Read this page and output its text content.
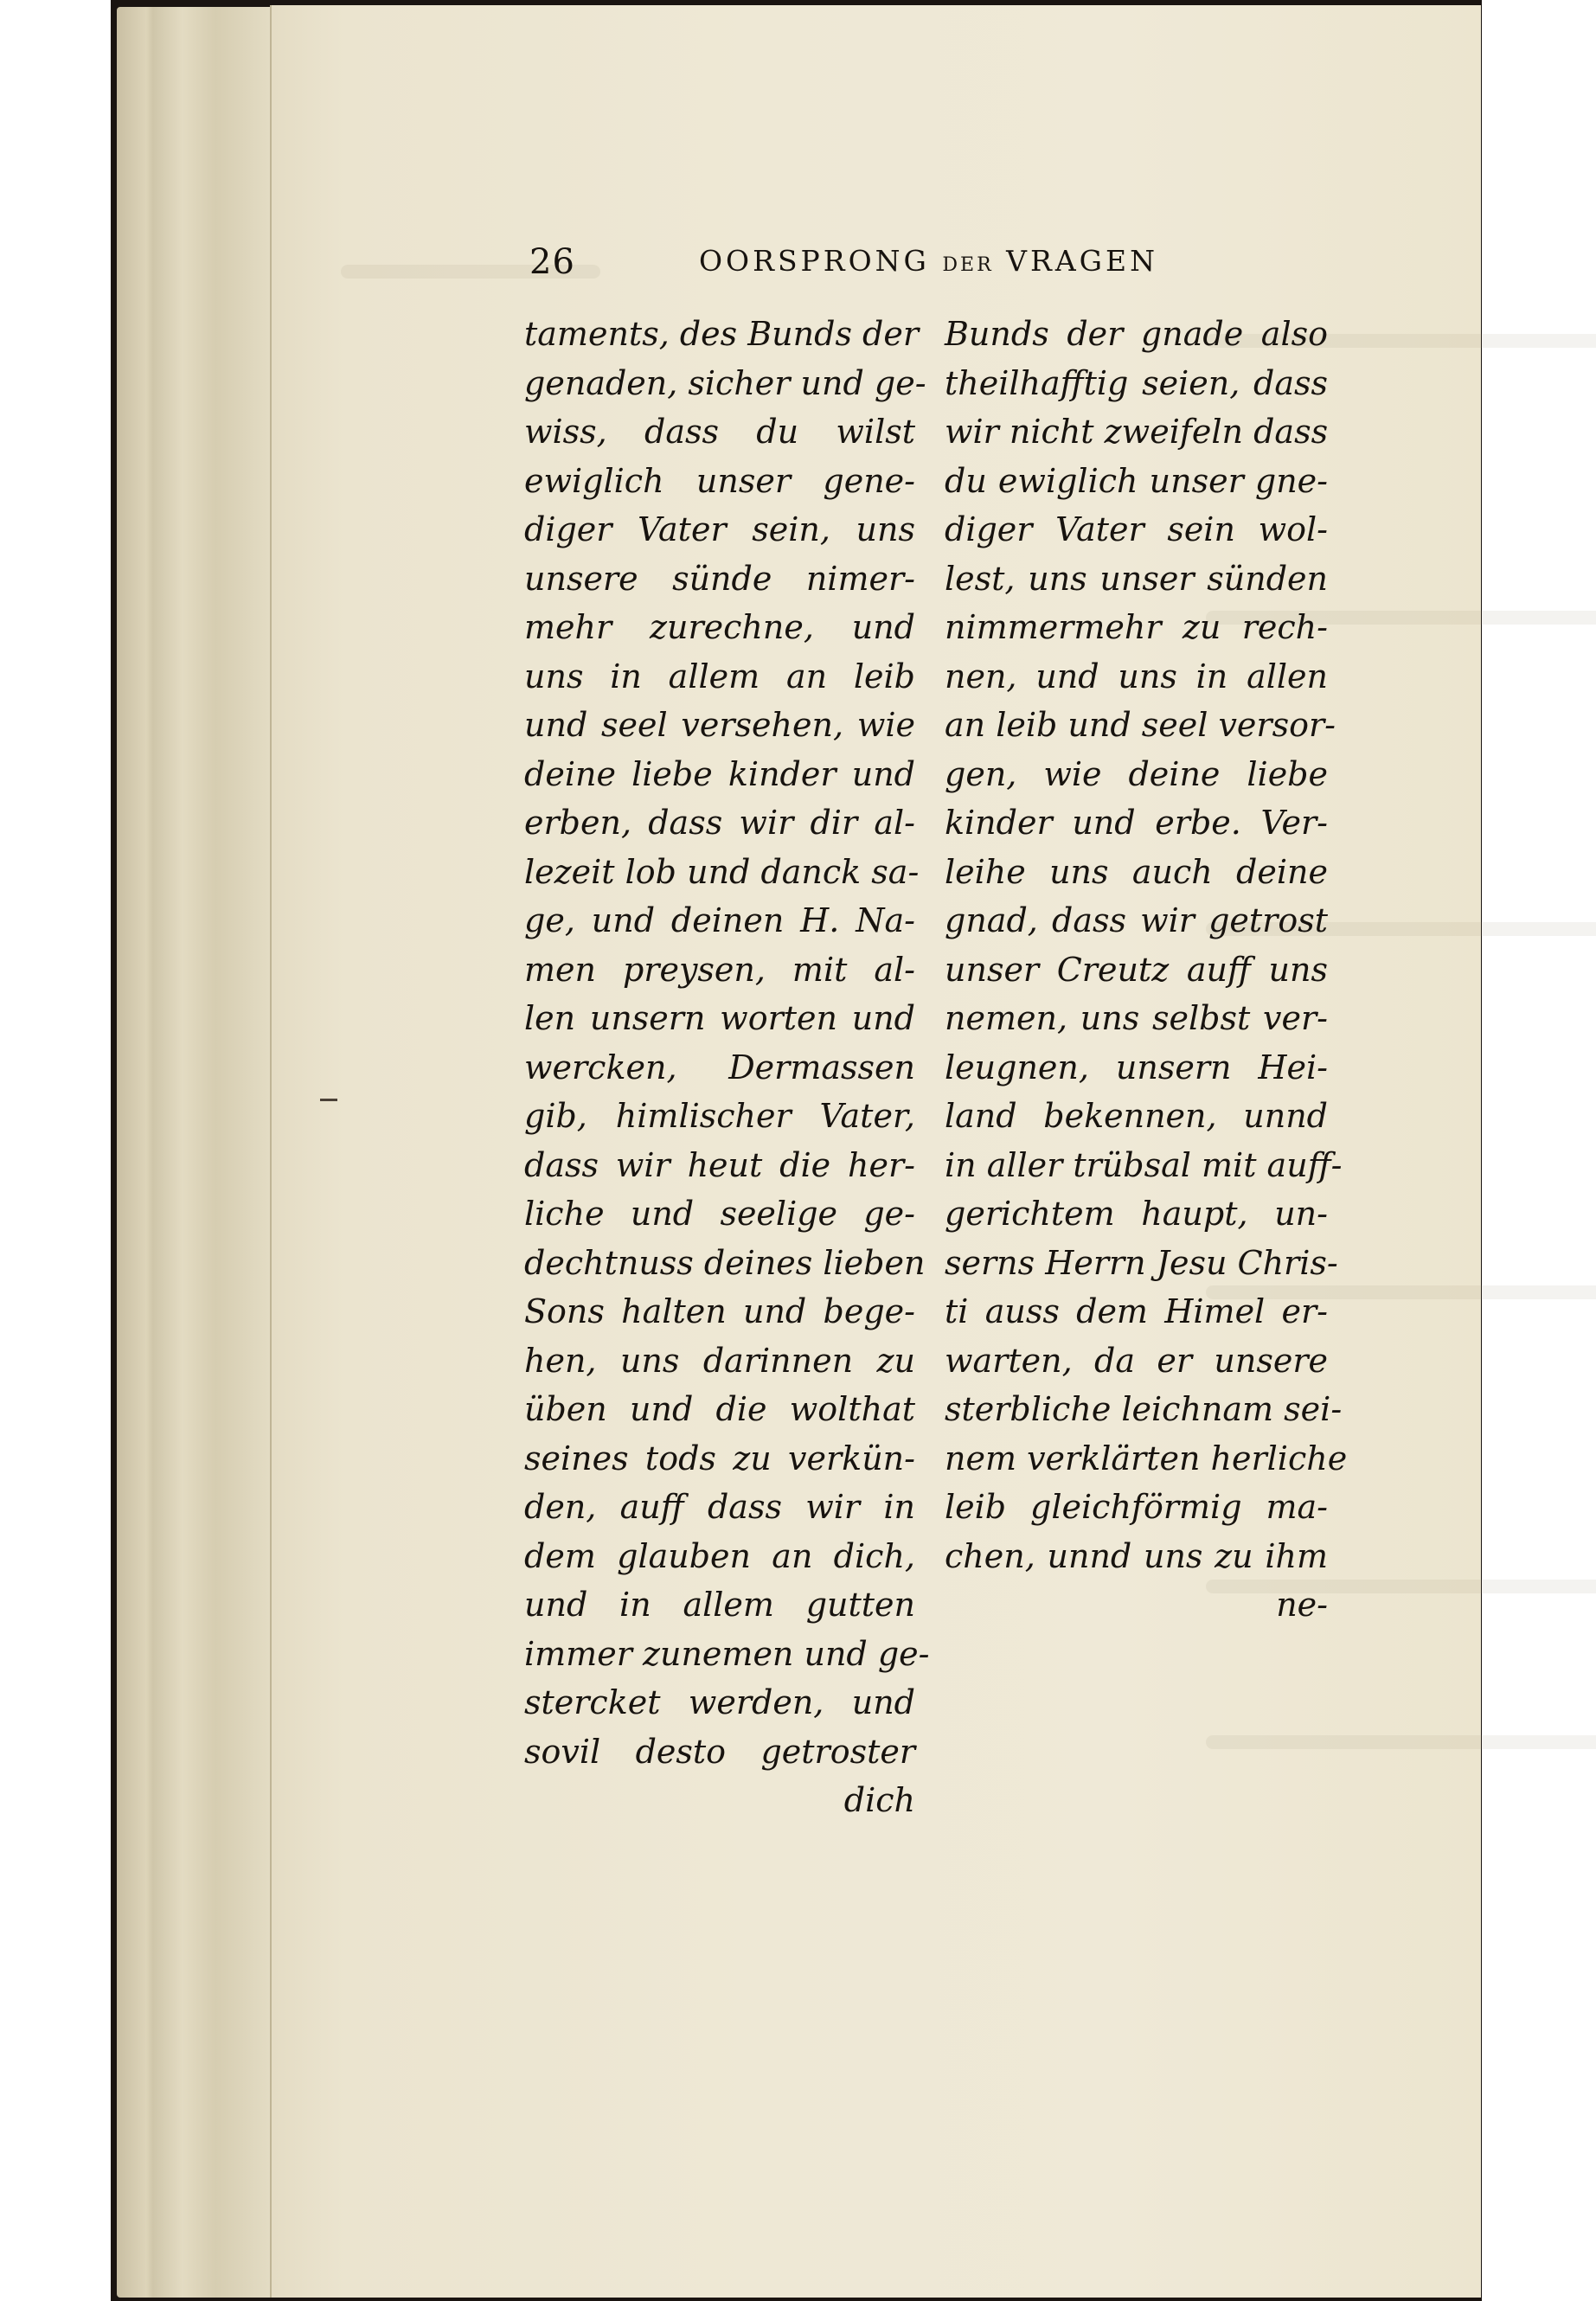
26	OORSPRONG DER VRAGEN
taments, des Bunds der
genaden, sicher und ge-
wiss, dass du wilst
ewiglich unser gene-
diger Vater sein, uns
unsere sünde nimer-
mehr zurechne, und
uns in allem an leib
und seel versehen, wie
deine liebe kinder und
erben, dass wir dir al-
lezeit lob und danck sa-
ge, und deinen H. Na-
men preysen, mit al-
len unsern worten und
wercken, Dermassen
gib, himlischer Vater,
dass wir heut die her-
liche und seelige ge-
dechtnuss deines lieben
Sons halten und bege-
hen, uns darinnen zu
üben und die wolthat
seines tods zu verkün-
den, auff dass wir in
dem glauben an dich,
und in allem gutten
immer zunemen und ge-
stercket werden, und
sovil desto getroster
dich
Bunds der gnade also
theilhafftig seien, dass
wir nicht zweifeln dass
du ewiglich unser gne-
diger Vater sein wol-
lest, uns unser sünden
nimmermehr zu rech-
nen, und uns in allen
an leib und seel versor-
gen, wie deine liebe
kinder und erbe. Ver-
leihe uns auch deine
gnad, dass wir getrost
unser Creutz auff uns
nemen, uns selbst ver-
leugnen, unsern Hei-
land bekennen, unnd
in aller trübsal mit auff-
gerichtem haupt, un-
serns Herrn Jesu Chris-
ti auss dem Himel er-
warten, da er unsere
sterbliche leichnam sei-
nem verklärten herliche
leib gleichförmig ma-
chen, unnd uns zu ihm
ne-
